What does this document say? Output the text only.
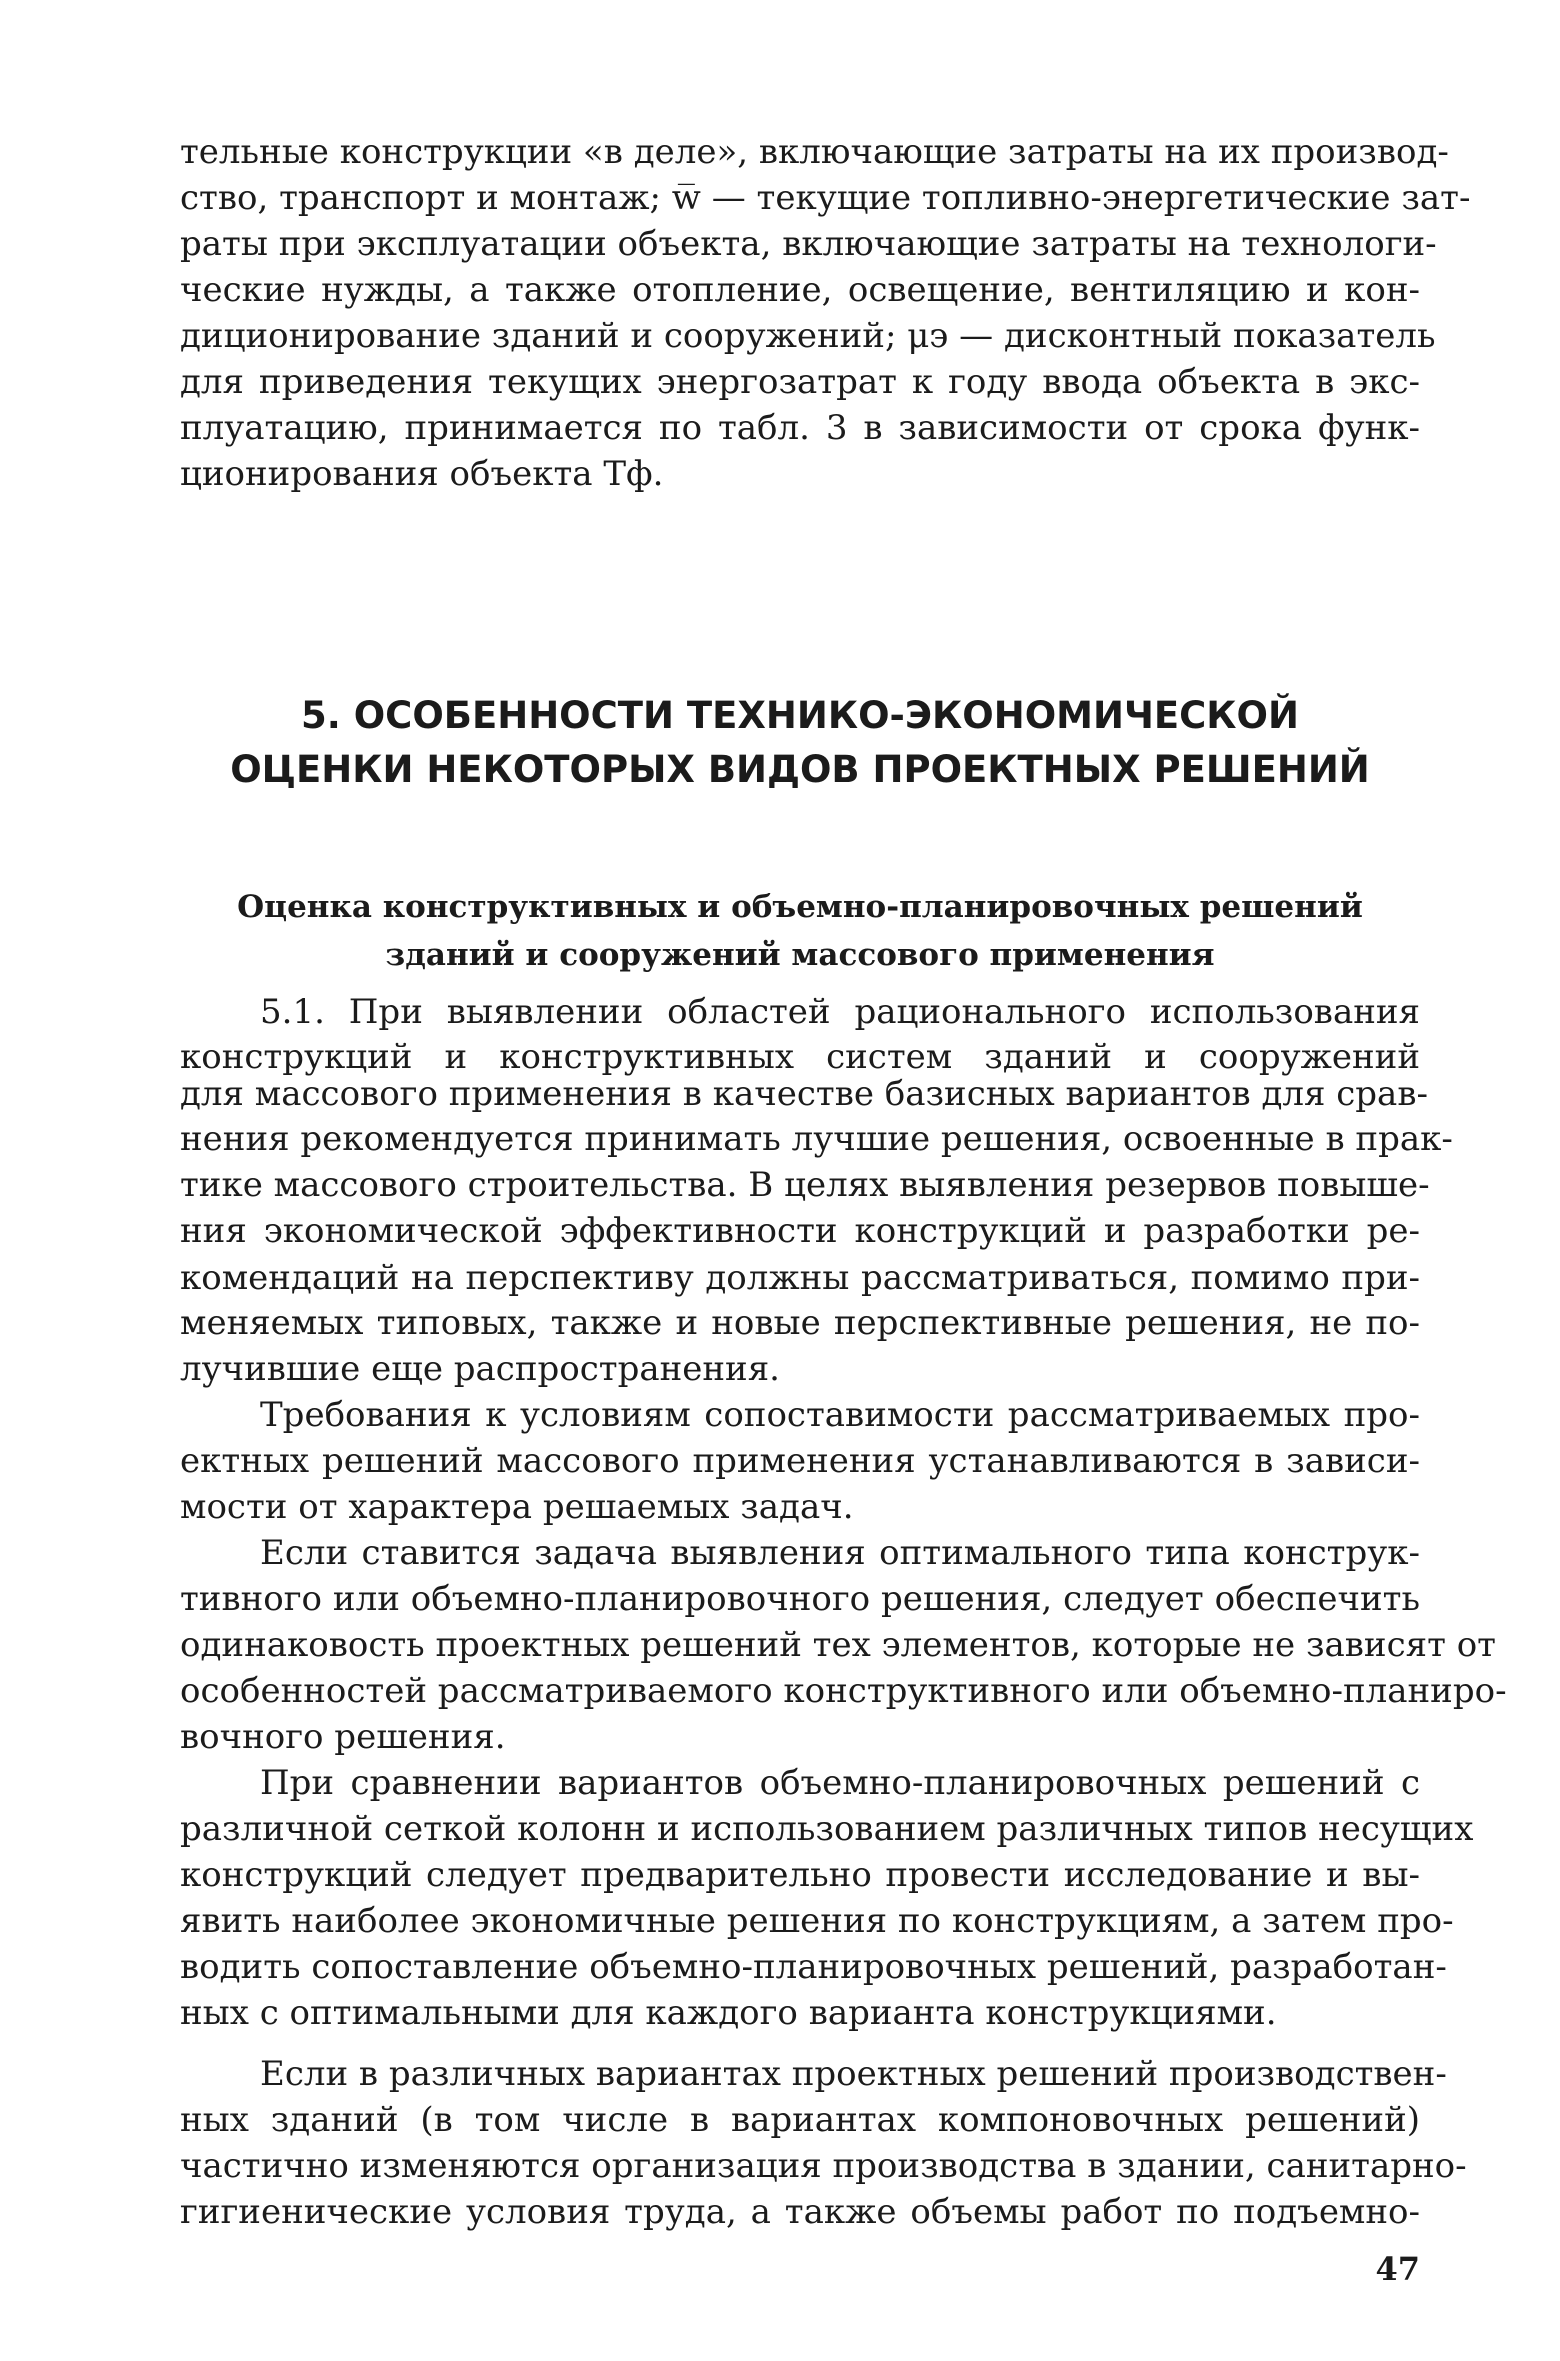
тельные конструкции «в деле», включающие затраты на их производ-
ство, транспорт и монтаж; w̅ — текущие топливно-энергетические зат-
раты при эксплуатации объекта, включающие затраты на технологи-
ческие нужды, а также отопление, освещение, вентиляцию и кон-
диционирование зданий и сооружений; μэ — дисконтный показатель
для приведения текущих энергозатрат к году ввода объекта в экс-
плуатацию, принимается по табл. 3 в зависимости от срока функ-
ционирования объекта Tф.
5. ОСОБЕННОСТИ ТЕХНИКО-ЭКОНОМИЧЕСКОЙ
ОЦЕНКИ НЕКОТОРЫХ ВИДОВ ПРОЕКТНЫХ РЕШЕНИЙ
Оценка конструктивных и объемно-планировочных решений
зданий и сооружений массового применения
5.1. При выявлении областей рационального использования
конструкций и конструктивных систем зданий и сооружений
для массового применения в качестве базисных вариантов для срав-
нения рекомендуется принимать лучшие решения, освоенные в прак-
тике массового строительства. В целях выявления резервов повыше-
ния экономической эффективности конструкций и разработки ре-
комендаций на перспективу должны рассматриваться, помимо при-
меняемых типовых, также и новые перспективные решения, не по-
лучившие еще распространения.
Требования к условиям сопоставимости рассматриваемых про-
ектных решений массового применения устанавливаются в зависи-
мости от характера решаемых задач.
Если ставится задача выявления оптимального типа конструк-
тивного или объемно-планировочного решения, следует обеспечить
одинаковость проектных решений тех элементов, которые не зависят от
особенностей рассматриваемого конструктивного или объемно-планиро-
вочного решения.
При сравнении вариантов объемно-планировочных решений с
различной сеткой колонн и использованием различных типов несущих
конструкций следует предварительно провести исследование и вы-
явить наиболее экономичные решения по конструкциям, а затем про-
водить сопоставление объемно-планировочных решений, разработан-
ных с оптимальными для каждого варианта конструкциями.
Если в различных вариантах проектных решений производствен-
ных зданий (в том числе в вариантах компоновочных решений)
частично изменяются организация производства в здании, санитарно-
гигиенические условия труда, а также объемы работ по подъемно-
47
